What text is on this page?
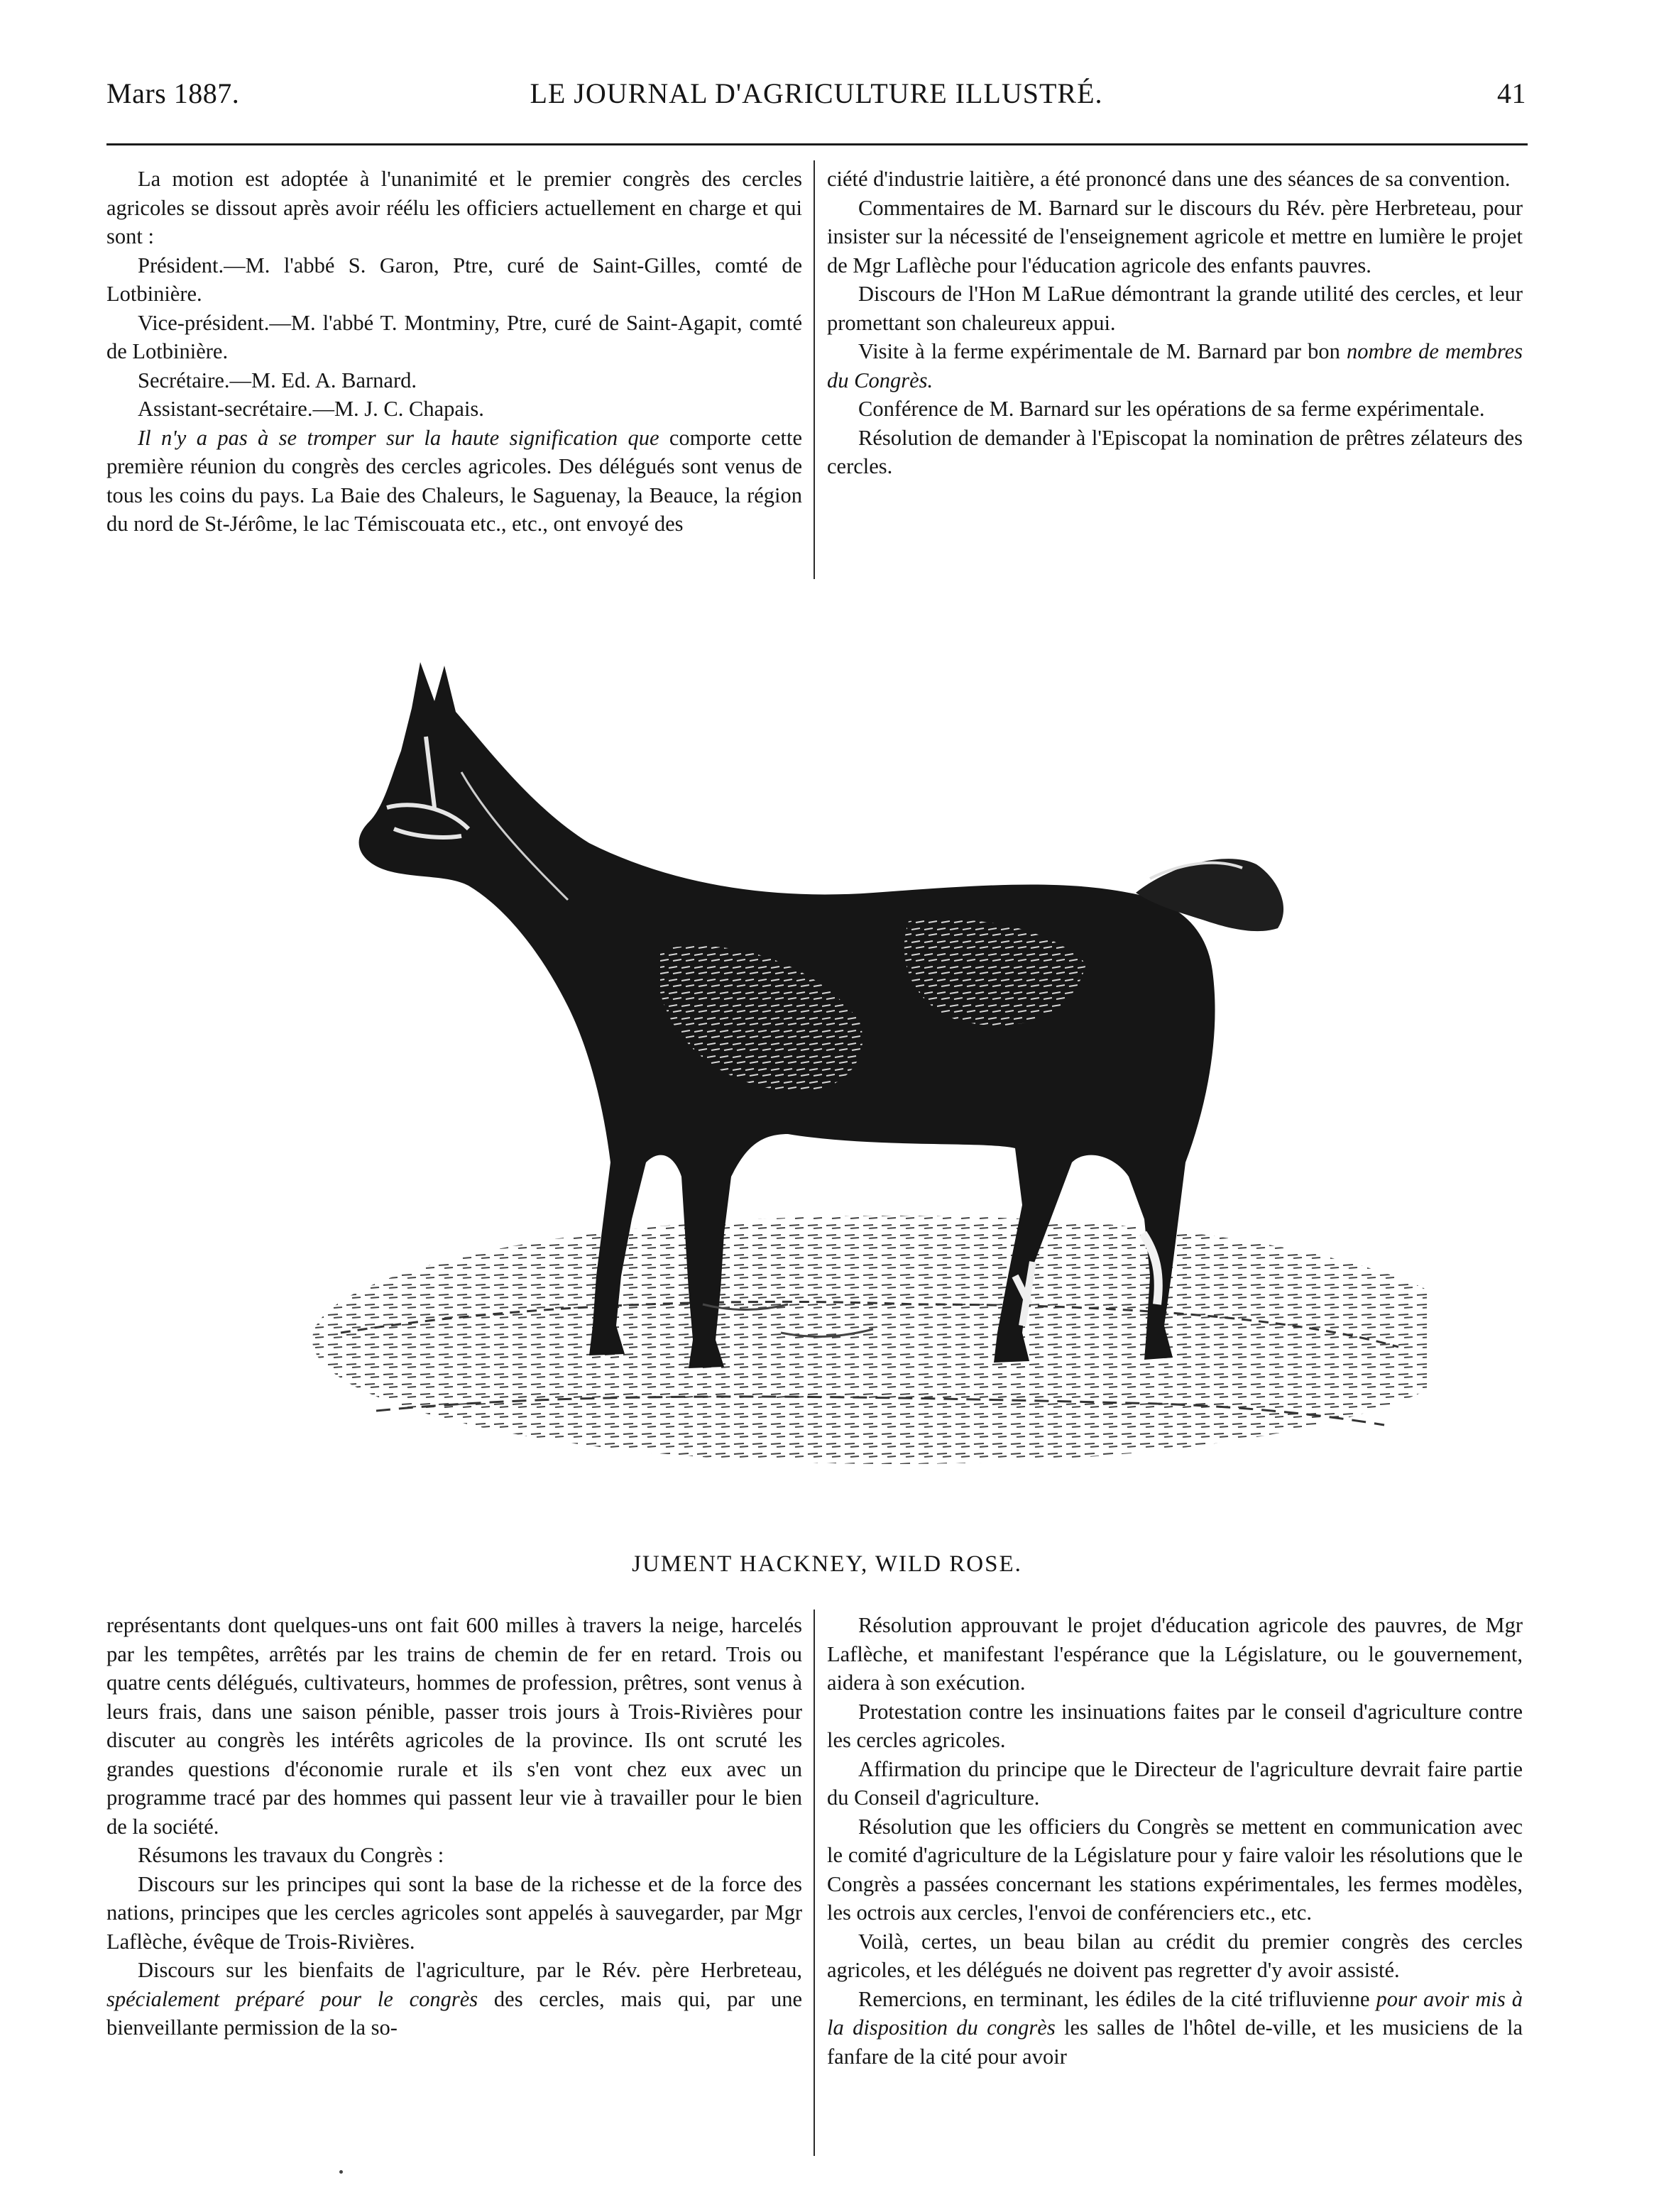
Mars 1887.	LE JOURNAL D'AGRICULTURE ILLUSTRÉ.	41

La motion est adoptée à l'unanimité et le premier congrès des cercles agricoles se dissout après avoir réélu les officiers actuellement en charge et qui sont :

Président.—M. l'abbé S. Garon, Ptre, curé de Saint-Gilles, comté de Lotbinière.

Vice-président.—M. l'abbé T. Montminy, Ptre, curé de Saint-Agapit, comté de Lotbinière.

Secrétaire.—M. Ed. A. Barnard.

Assistant-secrétaire.—M. J. C. Chapais.

Il n'y a pas à se tromper sur la haute signification que comporte cette première réunion du congrès des cercles agricoles. Des délégués sont venus de tous les coins du pays. La Baie des Chaleurs, le Saguenay, la Beauce, la région du nord de St-Jérôme, le lac Témiscouata etc., etc., ont envoyé des

ciété d'industrie laitière, a été prononcé dans une des séances de sa convention.

Commentaires de M. Barnard sur le discours du Rév. père Herbreteau, pour insister sur la nécessité de l'enseignement agricole et mettre en lumière le projet de Mgr Laflèche pour l'éducation agricole des enfants pauvres.

Discours de l'Hon M LaRue démontrant la grande utilité des cercles, et leur promettant son chaleureux appui.

Visite à la ferme expérimentale de M. Barnard par bon nombre de membres du Congrès.

Conférence de M. Barnard sur les opérations de sa ferme expérimentale.

Résolution de demander à l'Episcopat la nomination de prêtres zélateurs des cercles.

JUMENT HACKNEY, WILD ROSE.

représentants dont quelques-uns ont fait 600 milles à travers la neige, harcelés par les tempêtes, arrêtés par les trains de chemin de fer en retard. Trois ou quatre cents délégués, cultivateurs, hommes de profession, prêtres, sont venus à leurs frais, dans une saison pénible, passer trois jours à Trois-Rivières pour discuter au congrès les intérêts agricoles de la province. Ils ont scruté les grandes questions d'économie rurale et ils s'en vont chez eux avec un programme tracé par des hommes qui passent leur vie à travailler pour le bien de la société.

Résumons les travaux du Congrès :

Discours sur les principes qui sont la base de la richesse et de la force des nations, principes que les cercles agricoles sont appelés à sauvegarder, par Mgr Laflèche, évêque de Trois-Rivières.

Discours sur les bienfaits de l'agriculture, par le Rév. père Herbreteau, spécialement préparé pour le congrès des cercles, mais qui, par une bienveillante permission de la so-

Résolution approuvant le projet d'éducation agricole des pauvres, de Mgr Laflèche, et manifestant l'espérance que la Législature, ou le gouvernement, aidera à son exécution.

Protestation contre les insinuations faites par le conseil d'agriculture contre les cercles agricoles.

Affirmation du principe que le Directeur de l'agriculture devrait faire partie du Conseil d'agriculture.

Résolution que les officiers du Congrès se mettent en communication avec le comité d'agriculture de la Législature pour y faire valoir les résolutions que le Congrès a passées concernant les stations expérimentales, les fermes modèles, les octrois aux cercles, l'envoi de conférenciers etc., etc.

Voilà, certes, un beau bilan au crédit du premier congrès des cercles agricoles, et les délégués ne doivent pas regretter d'y avoir assisté.

Remercions, en terminant, les édiles de la cité trifluvienne pour avoir mis à la disposition du congrès les salles de l'hôtel de-ville, et les musiciens de la fanfare de la cité pour avoir
